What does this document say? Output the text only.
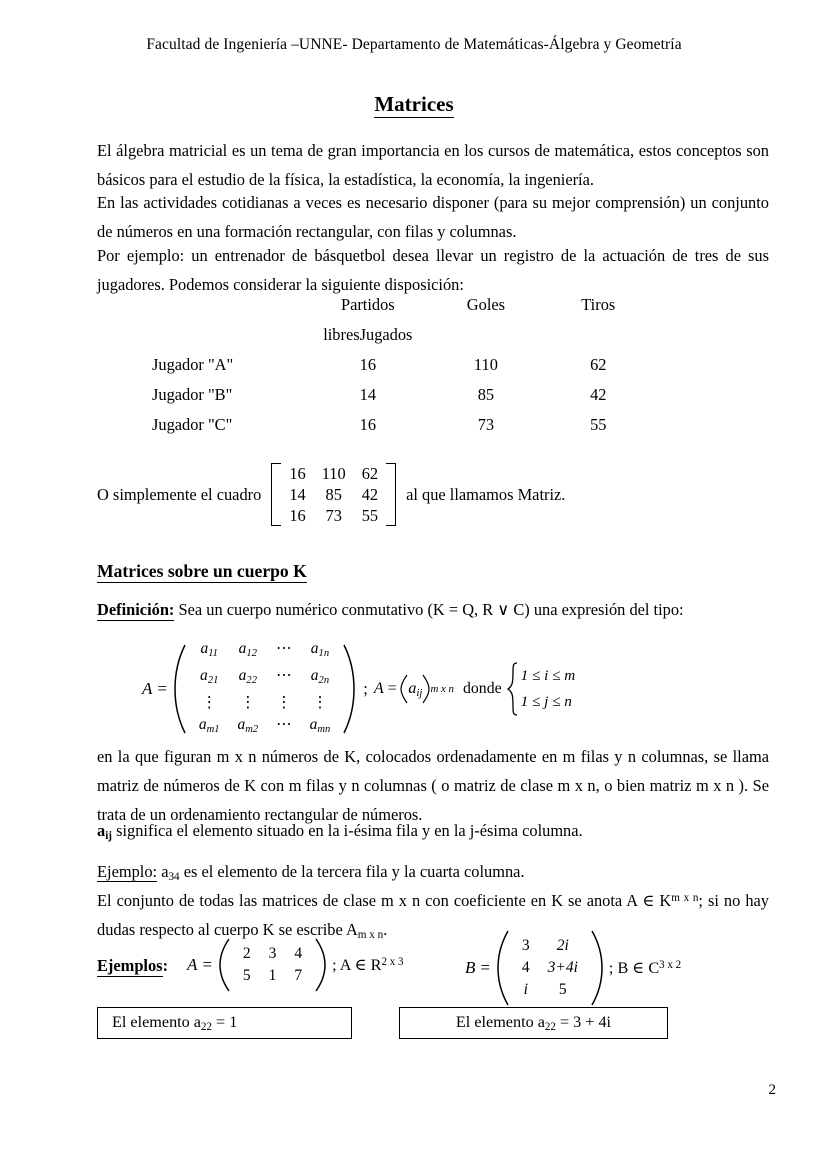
Facultad de Ingeniería –UNNE- Departamento de Matemáticas-Álgebra y Geometría
Matrices

El álgebra matricial es un tema de gran importancia en los cursos de matemática, estos conceptos son básicos para el estudio de la física, la estadística, la economía, la ingeniería.

En las actividades cotidianas a veces es necesario disponer (para su mejor comprensión) un conjunto de números en una formación rectangular, con filas y columnas.

Por ejemplo: un entrenador de básquetbol desea llevar un registro de la actuación de tres de sus jugadores. Podemos considerar la siguiente disposición:

	Partidos	Goles	Tiros
	libresJugados		
Jugador "A"	16	110	62
Jugador "B"	14	85	42
Jugador "C"	16	73	55
O simplemente el cuadro
16	110	62
14	85	42
16	73	55
al que llamamos Matriz.
Matrices sobre un cuerpo K
Definición: Sea un cuerpo numérico conmutativo (K = Q, R ∨ C) una expresión del tipo:
A =
$a_{11}$	$a_{12}$	⋯	$a_{1n}$
$a_{21}$	$a_{22}$	⋯	$a_{2n}$
⋮	⋮	⋮	⋮
$a_{m1}$	$a_{m2}$	⋯	$a_{mn}$
; $A = a_{ij}$ m x n donde
1 ≤ i ≤ m
1 ≤ j ≤ n

en la que figuran m x n números de K, colocados ordenadamente en m filas y n columnas, se llama matriz de números de K con m filas y n columnas ( o matriz de clase m x n, o bien matriz m x n ). Se trata de un ordenamiento rectangular de números.

$a_{ij}$ significa el elemento situado en la i-ésima fila y en la j-ésima columna.

Ejemplo: $a_{34}$ es el elemento de la tercera fila y la cuarta columna.

El conjunto de todas las matrices de clase m x n con coeficiente en K se anota A ∈ $K^{m x n}$; si no hay dudas respecto al cuerpo K se escribe $A_{m x n}$.

Ejemplos: A =
2	3	4
5	1	7
; A ∈ $R^{2 x 3}$	B =
3	2i
4	3+4i
i	5
; B ∈ $C^{3 x 2}$
El elemento $a_{22} = 1$	El elemento $a_{22} = 3 + 4i$
2
